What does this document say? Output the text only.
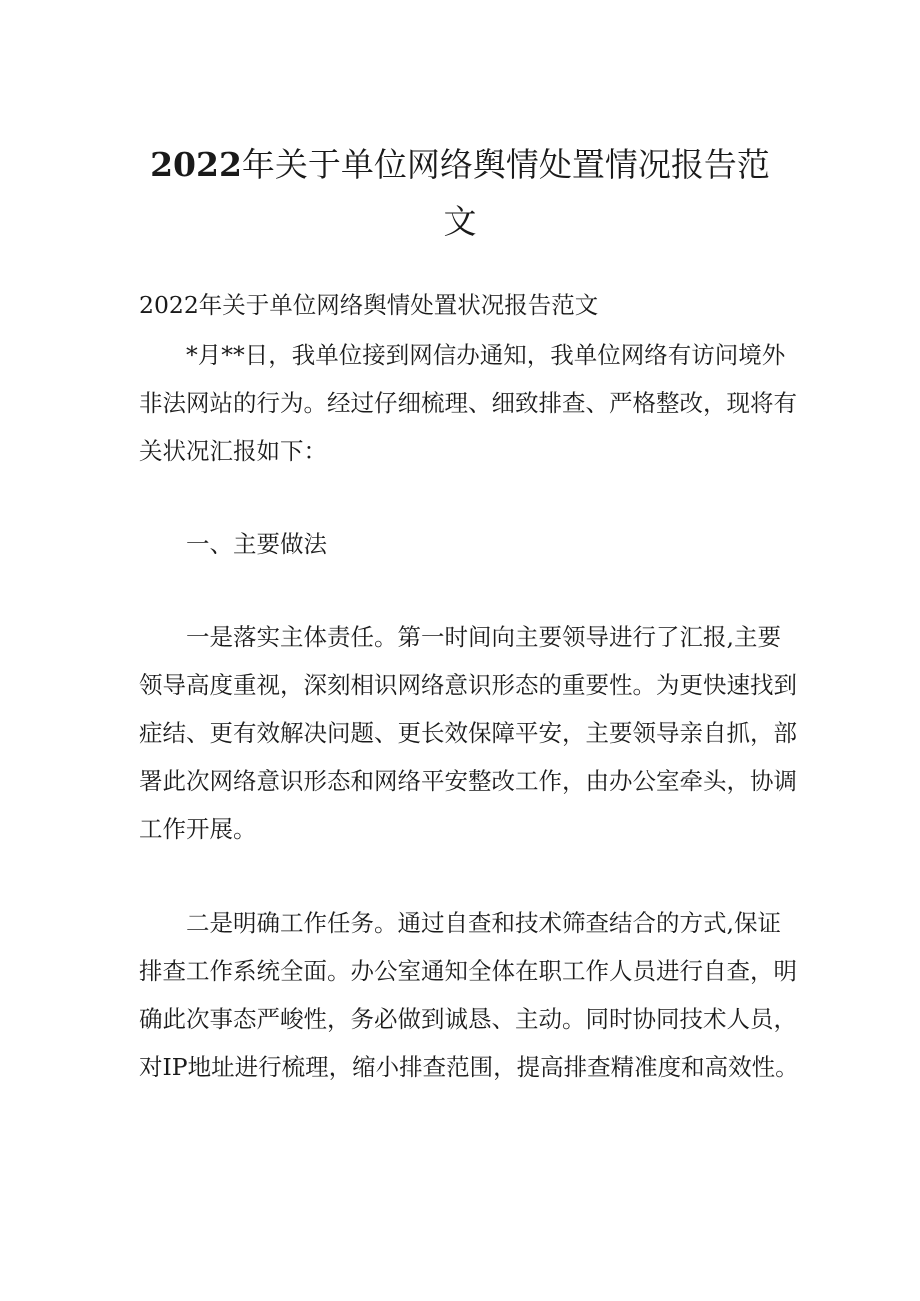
2022年关于单位网络舆情处置情况报告范
文
2022年关于单位网络舆情处置状况报告范文
*月**日，我单位接到网信办通知，我单位网络有访问境外
非法网站的行为。经过仔细梳理、细致排查、严格整改，现将有
关状况汇报如下：
一、主要做法
一是落实主体责任。第一时间向主要领导进行了汇报,主要
领导高度重视，深刻相识网络意识形态的重要性。为更快速找到
症结、更有效解决问题、更长效保障平安，主要领导亲自抓，部
署此次网络意识形态和网络平安整改工作，由办公室牵头，协调
工作开展。
二是明确工作任务。通过自查和技术筛查结合的方式,保证
排查工作系统全面。办公室通知全体在职工作人员进行自查，明
确此次事态严峻性，务必做到诚恳、主动。同时协同技术人员，
对IP地址进行梳理，缩小排查范围，提高排查精准度和高效性。
